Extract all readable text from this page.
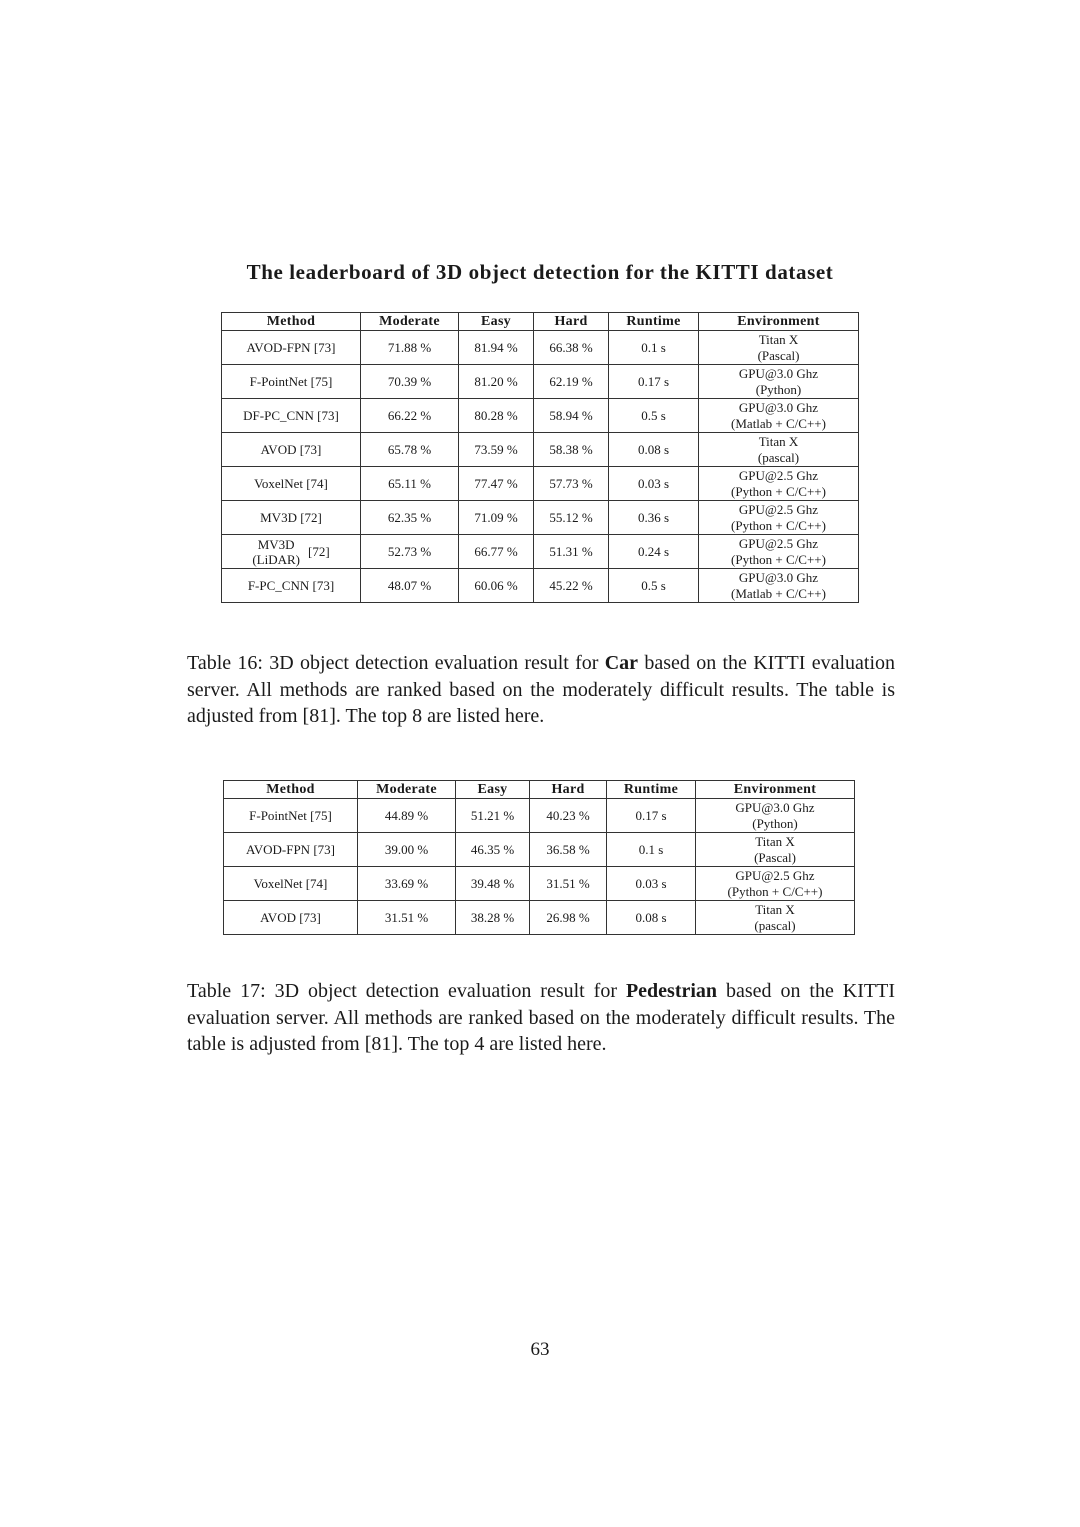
The leaderboard of 3D object detection for the KITTI dataset
Method	Moderate	Easy	Hard	Runtime	Environment
AVOD-FPN [73]	71.88 %	81.94 %	66.38 %	0.1 s	Titan X
(Pascal)
F-PointNet [75]	70.39 %	81.20 %	62.19 %	0.17 s	GPU@3.0 Ghz
(Python)
DF-PC_CNN [73]	66.22 %	80.28 %	58.94 %	0.5 s	GPU@3.0 Ghz
(Matlab + C/C++)
AVOD [73]	65.78 %	73.59 %	58.38 %	0.08 s	Titan X
(pascal)
VoxelNet [74]	65.11 %	77.47 %	57.73 %	0.03 s	GPU@2.5 Ghz
(Python + C/C++)
MV3D [72]	62.35 %	71.09 %	55.12 %	0.36 s	GPU@2.5 Ghz
(Python + C/C++)

MV3D
(LiDAR) [72]	52.73 %	66.77 %	51.31 %	0.24 s	GPU@2.5 Ghz
(Python + C/C++)
F-PC_CNN [73]	48.07 %	60.06 %	45.22 %	0.5 s	GPU@3.0 Ghz
(Matlab + C/C++)
Table 16: 3D object detection evaluation result for Car based on the KITTI evaluation server. All methods are ranked based on the moderately difficult results. The table is adjusted from [81]. The top 8 are listed here.
Method	Moderate	Easy	Hard	Runtime	Environment
F-PointNet [75]	44.89 %	51.21 %	40.23 %	0.17 s	GPU@3.0 Ghz
(Python)
AVOD-FPN [73]	39.00 %	46.35 %	36.58 %	0.1 s	Titan X
(Pascal)
VoxelNet [74]	33.69 %	39.48 %	31.51 %	0.03 s	GPU@2.5 Ghz
(Python + C/C++)
AVOD [73]	31.51 %	38.28 %	26.98 %	0.08 s	Titan X
(pascal)
Table 17: 3D object detection evaluation result for Pedestrian based on the KITTI evaluation server. All methods are ranked based on the moderately difficult results. The table is adjusted from [81]. The top 4 are listed here.
63
